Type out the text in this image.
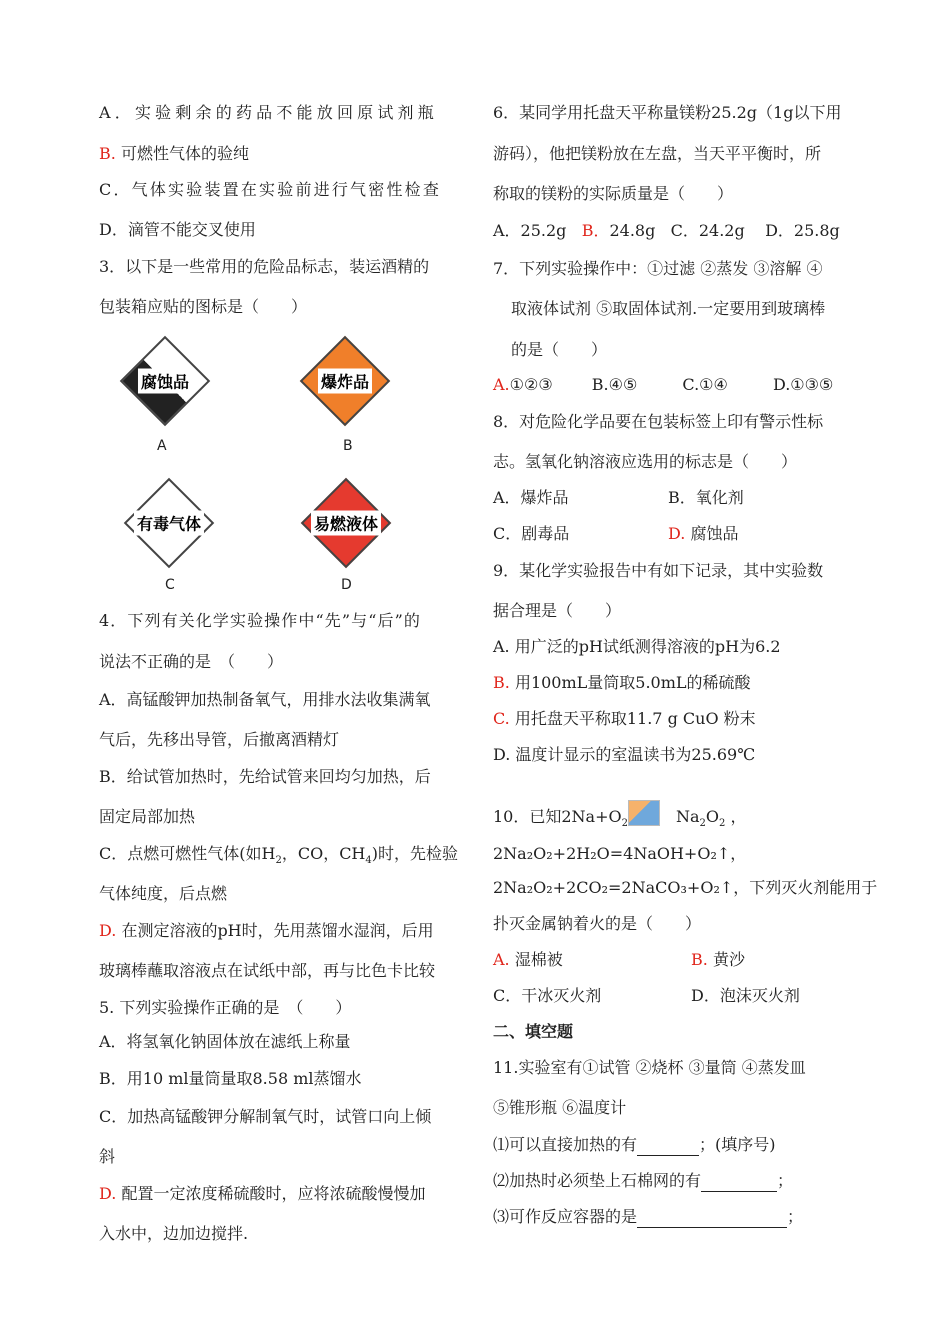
A．实验剩余的药品不能放回原试剂瓶
B. 可燃性气体的验纯
C．气体实验装置在实验前进行气密性检查
D．滴管不能交叉使用
3．以下是一些常用的危险品标志，装运酒精的
包装箱应贴的图标是（　　）
腐蚀品
A
爆炸品
B
有毒气体
C
易燃液体
D
4．下列有关化学实验操作中“先”与“后”的
说法不正确的是　（　　）
A．高锰酸钾加热制备氧气，用排水法收集满氧
气后，先移出导管，后撤离酒精灯
B．给试管加热时，先给试管来回均匀加热，后
固定局部加热
C．点燃可燃性气体(如$H_2$，CO，$CH_4$)时，先检验
气体纯度，后点燃
D. 在测定溶液的pH时，先用蒸馏水湿润，后用
玻璃棒蘸取溶液点在试纸中部，再与比色卡比较
5. 下列实验操作正确的是　（　　）
A．将氢氧化钠固体放在滤纸上称量
B．用10 ml量筒量取8.58 ml蒸馏水
C．加热高锰酸钾分解制氧气时，试管口向上倾
斜
D. 配置一定浓度稀硫酸时，应将浓硫酸慢慢加
入水中，边加边搅拌.
6．某同学用托盘天平称量镁粉25.2g（1g以下用
游码），他把镁粉放在左盘，当天平平衡时，所
称取的镁粉的实际质量是（　　）
A．25.2g B．24.8g C．24.2g D．25.8g
7．下列实验操作中：①过滤 ②蒸发 ③溶解 ④
取液体试剂 ⑤取固体试剂.一定要用到玻璃棒
的是（　　）
A.①②③ B.④⑤	C.①④	D.①③⑤
8．对危险化学品要在包装标签上印有警示性标
志。氢氧化钠溶液应选用的标志是（　　）
A．爆炸品	B．氧化剂
C．剧毒品	D. 腐蚀品
9．某化学实验报告中有如下记录，其中实验数
据合理是（　　）
A. 用广泛的pH试纸测得溶液的pH为6.2
B. 用100mL量筒取5.0mL的稀硫酸
C. 用托盘天平称取11.7 g CuO 粉末
D. 温度计显示的室温读书为25.69℃
10．已知$2Na+O_2$	$Na_2O_2$ ，
2Na₂O₂+2H₂O=4NaOH+O₂↑，
2Na₂O₂+2CO₂=2NaCO₃+O₂↑，下列灭火剂能用于
扑灭金属钠着火的是（　　）
A. 湿棉被	B. 黄沙
C．干冰灭火剂	D．泡沫灭火剂
二、填空题
11.实验室有①试管 ②烧杯 ③量筒 ④蒸发皿
⑤锥形瓶 ⑥温度计
⑴可以直接加热的有	；(填序号)
⑵加热时必须垫上石棉网的有	；
⑶可作反应容器的是	；
